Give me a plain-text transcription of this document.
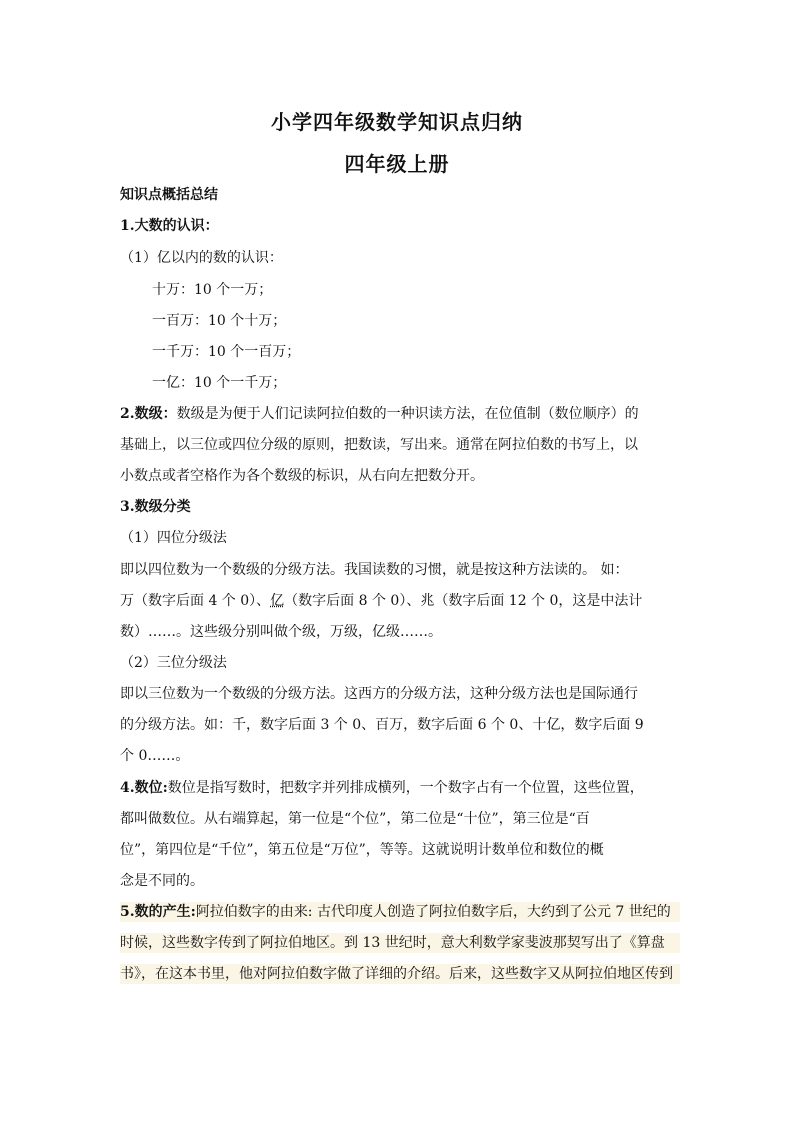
小学四年级数学知识点归纳
四年级上册
知识点概括总结
1.大数的认识：
（1）亿以内的数的认识：
十万：10 个一万；
一百万：10 个十万；
一千万：10 个一百万；
一亿：10 个一千万；
2.数级：数级是为便于人们记读阿拉伯数的一种识读方法，在位值制（数位顺序）的
基础上，以三位或四位分级的原则，把数读，写出来。通常在阿拉伯数的书写上，以
小数点或者空格作为各个数级的标识，从右向左把数分开。
3.数级分类
（1）四位分级法
即以四位数为一个数级的分级方法。我国读数的习惯，就是按这种方法读的。 如：
万（数字后面 4 个 0）、亿（数字后面 8 个 0）、兆（数字后面 12 个 0，这是中法计
数）……。这些级分别叫做个级，万级，亿级……。
（2）三位分级法
即以三位数为一个数级的分级方法。这西方的分级方法，这种分级方法也是国际通行
的分级方法。如：千，数字后面 3 个 0、百万，数字后面 6 个 0、十亿，数字后面 9
个 0……。
4.数位:数位是指写数时，把数字并列排成横列，一个数字占有一个位置，这些位置，
都叫做数位。从右端算起，第一位是“个位”，第二位是“十位”，第三位是“百
位”，第四位是“千位”，第五位是“万位”，等等。这就说明计数单位和数位的概
念是不同的。
5.数的产生:阿拉伯数字的由来: 古代印度人创造了阿拉伯数字后，大约到了公元 7 世纪的
时候，这些数字传到了阿拉伯地区。到 13 世纪时，意大利数学家斐波那契写出了《算盘
书》，在这本书里，他对阿拉伯数字做了详细的介绍。后来，这些数字又从阿拉伯地区传到
